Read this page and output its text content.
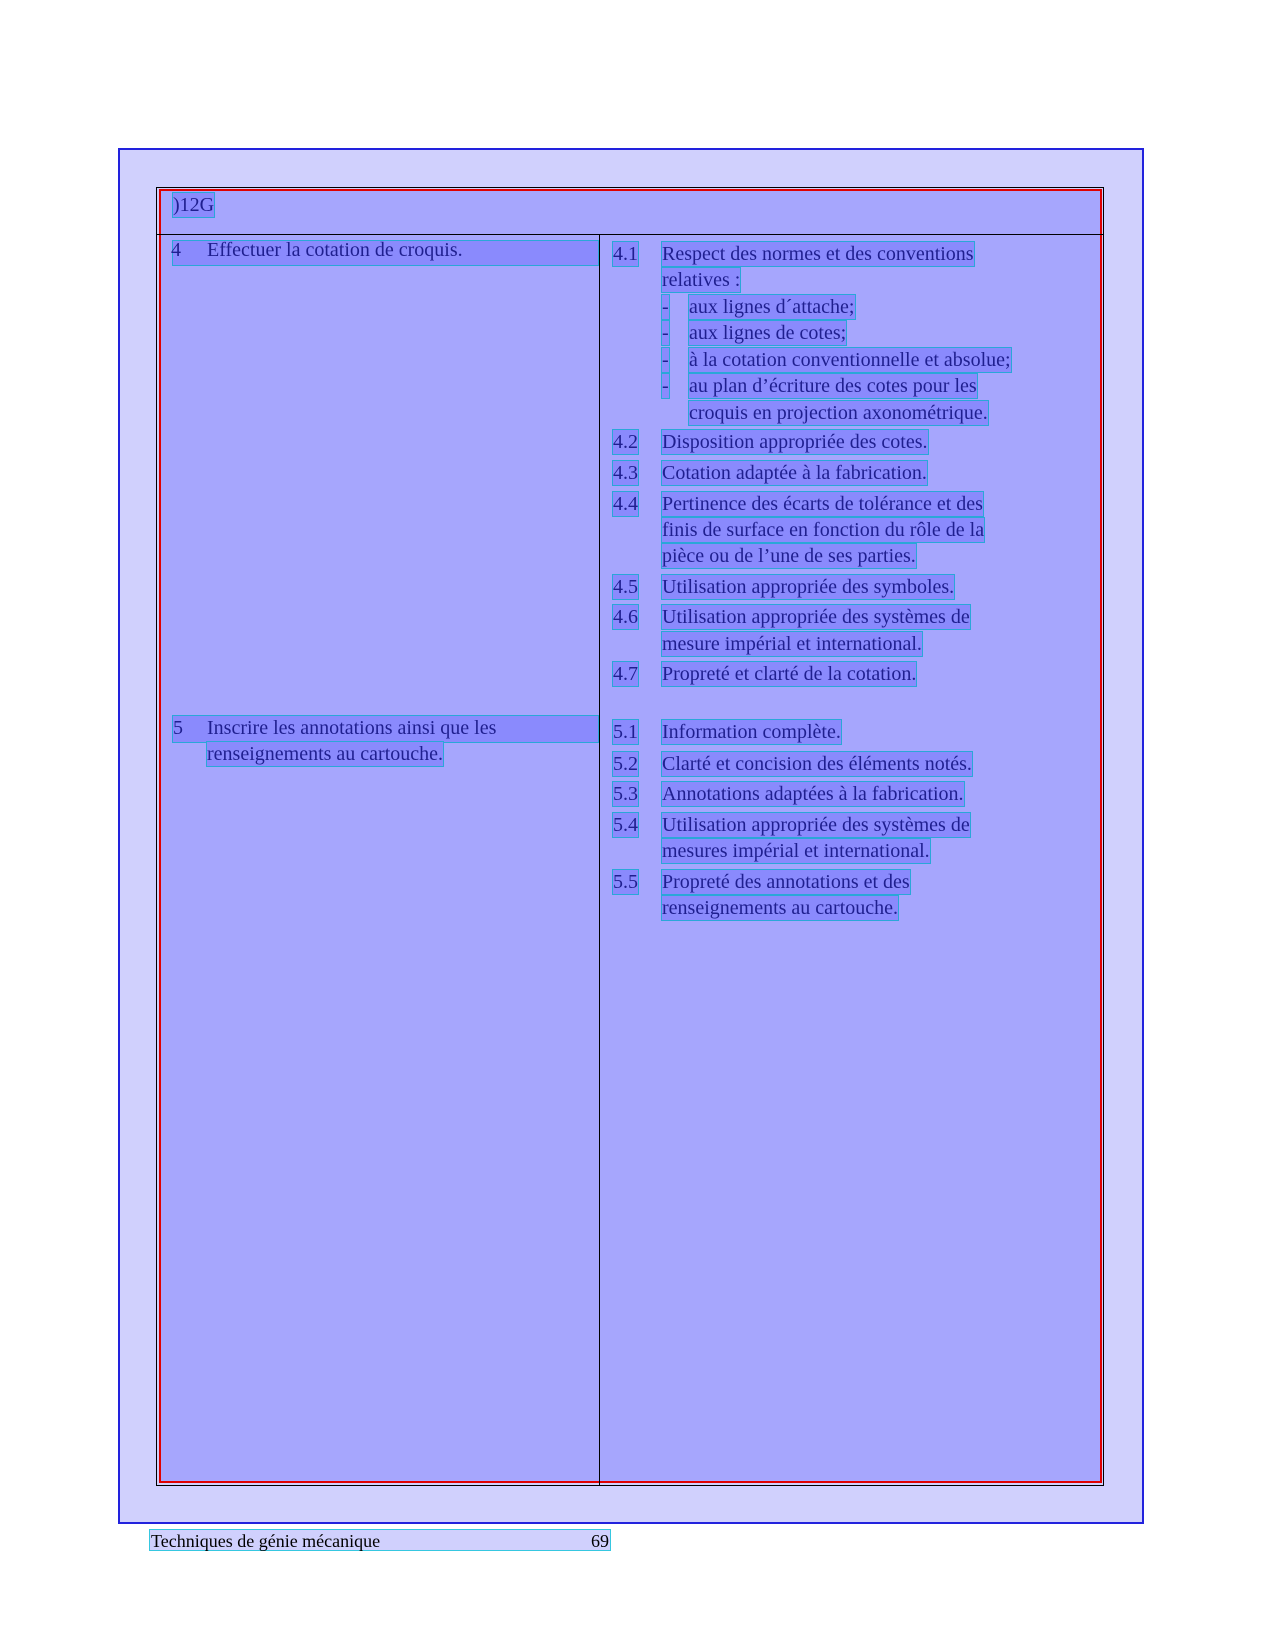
)12G
4 Effectuer la cotation de croquis.
5 Inscrire les annotations ainsi que les
renseignements au cartouche.
4.1 Respect des normes et des conventions
relatives :
- aux lignes d´attache;
- aux lignes de cotes;
- à la cotation conventionnelle et absolue;
- au plan d’écriture des cotes pour les
croquis en projection axonométrique.
4.2 Disposition appropriée des cotes.
4.3 Cotation adaptée à la fabrication.
4.4 Pertinence des écarts de tolérance et des
finis de surface en fonction du rôle de la
pièce ou de l’une de ses parties.
4.5 Utilisation appropriée des symboles.
4.6 Utilisation appropriée des systèmes de
mesure impérial et international.
4.7 Propreté et clarté de la cotation.
5.1 Information complète.
5.2 Clarté et concision des éléments notés.
5.3 Annotations adaptées à la fabrication.
5.4 Utilisation appropriée des systèmes de
mesures impérial et international.
5.5 Propreté des annotations et des
renseignements au cartouche.
Techniques de génie mécanique	69
